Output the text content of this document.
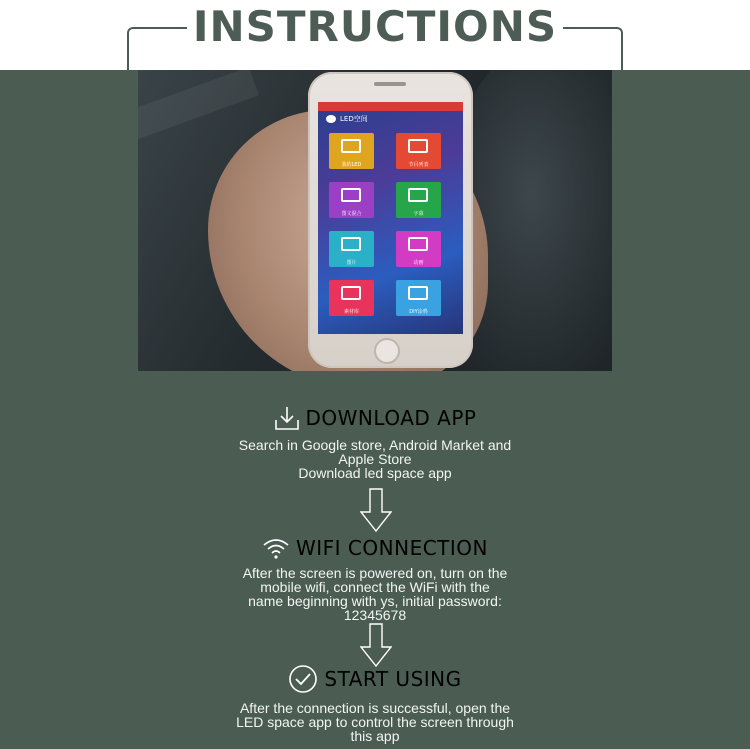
INSTRUCTIONS
LED空间
我的LED	节目列表
图文混合	字幕
图片	动画
素材库	DIY涂鸦
DOWNLOAD APP
Search in Google store, Android Market and
Apple Store
Download led space app
WIFI CONNECTION
After the screen is powered on, turn on the
mobile wifi, connect the WiFi with the
name beginning with ys, initial password:
12345678
START USING
After the connection is successful, open the
LED space app to control the screen through
this app
